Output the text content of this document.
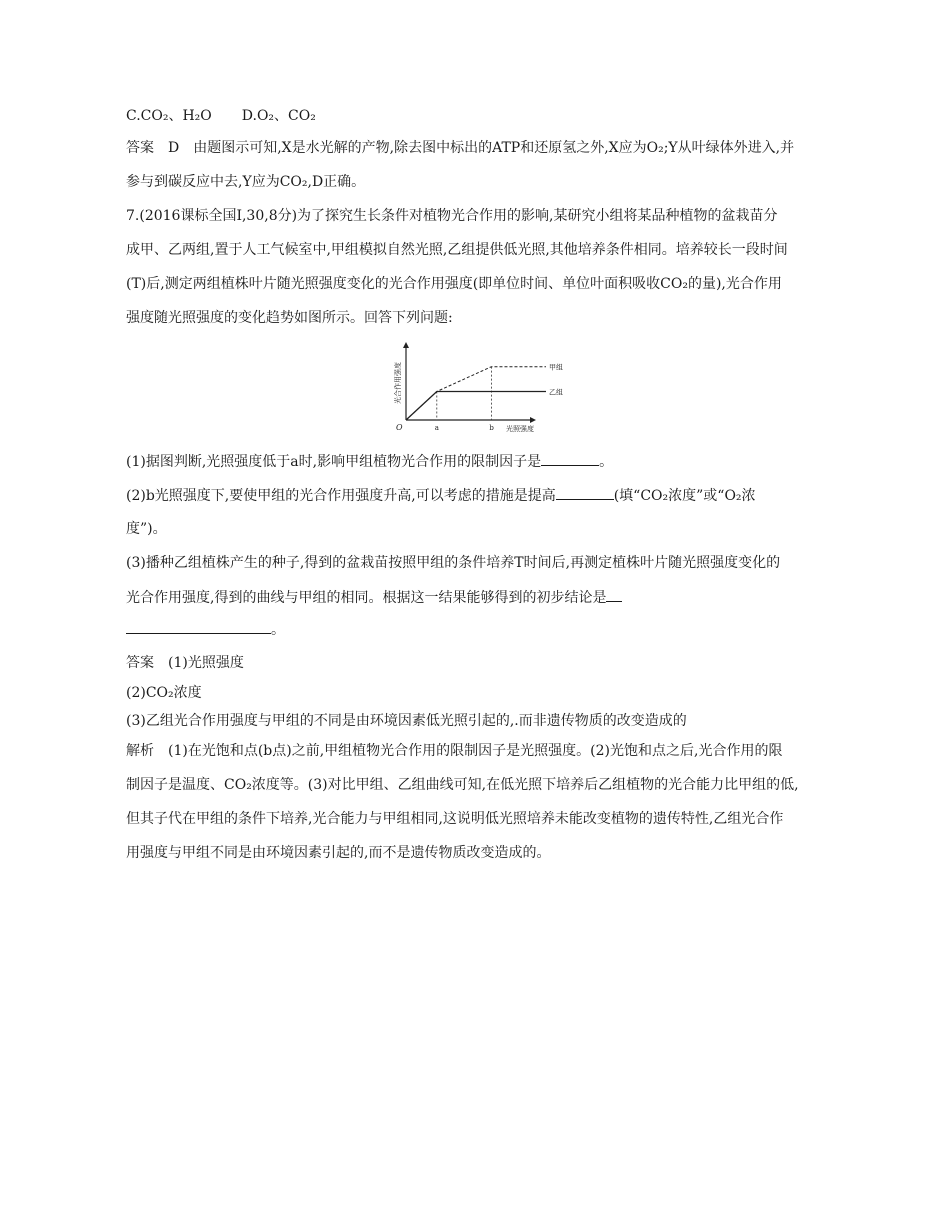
C.CO₂、H₂O D.O₂、CO₂
答案 D 由题图示可知,X是水光解的产物,除去图中标出的ATP和还原氢之外,X应为O₂;Y从叶绿体外进入,并
参与到碳反应中去,Y应为CO₂,D正确。
7.(2016课标全国Ⅰ,30,8分)为了探究生长条件对植物光合作用的影响,某研究小组将某品种植物的盆栽苗分
成甲、乙两组,置于人工气候室中,甲组模拟自然光照,乙组提供低光照,其他培养条件相同。培养较长一段时间
(T)后,测定两组植株叶片随光照强度变化的光合作用强度(即单位时间、单位叶面积吸收CO₂的量),光合作用
强度随光照强度的变化趋势如图所示。回答下列问题:
甲组
乙组
a	b
O	光照强度
光合作用强度
(1)据图判断,光照强度低于a时,影响甲组植物光合作用的限制因子是	。
(2)b光照强度下,要使甲组的光合作用强度升高,可以考虑的措施是提高	(填“CO₂浓度”或“O₂浓
度”)。
(3)播种乙组植株产生的种子,得到的盆栽苗按照甲组的条件培养T时间后,再测定植株叶片随光照强度变化的
光合作用强度,得到的曲线与甲组的相同。根据这一结果能够得到的初步结论是
。
答案 (1)光照强度
(2)CO₂浓度
(3)乙组光合作用强度与甲组的不同是由环境因素低光照引起的,.而非遗传物质的改变造成的
解析 (1)在光饱和点(b点)之前,甲组植物光合作用的限制因子是光照强度。(2)光饱和点之后,光合作用的限
制因子是温度、CO₂浓度等。(3)对比甲组、乙组曲线可知,在低光照下培养后乙组植物的光合能力比甲组的低,
但其子代在甲组的条件下培养,光合能力与甲组相同,这说明低光照培养未能改变植物的遗传特性,乙组光合作
用强度与甲组不同是由环境因素引起的,而不是遗传物质改变造成的。
